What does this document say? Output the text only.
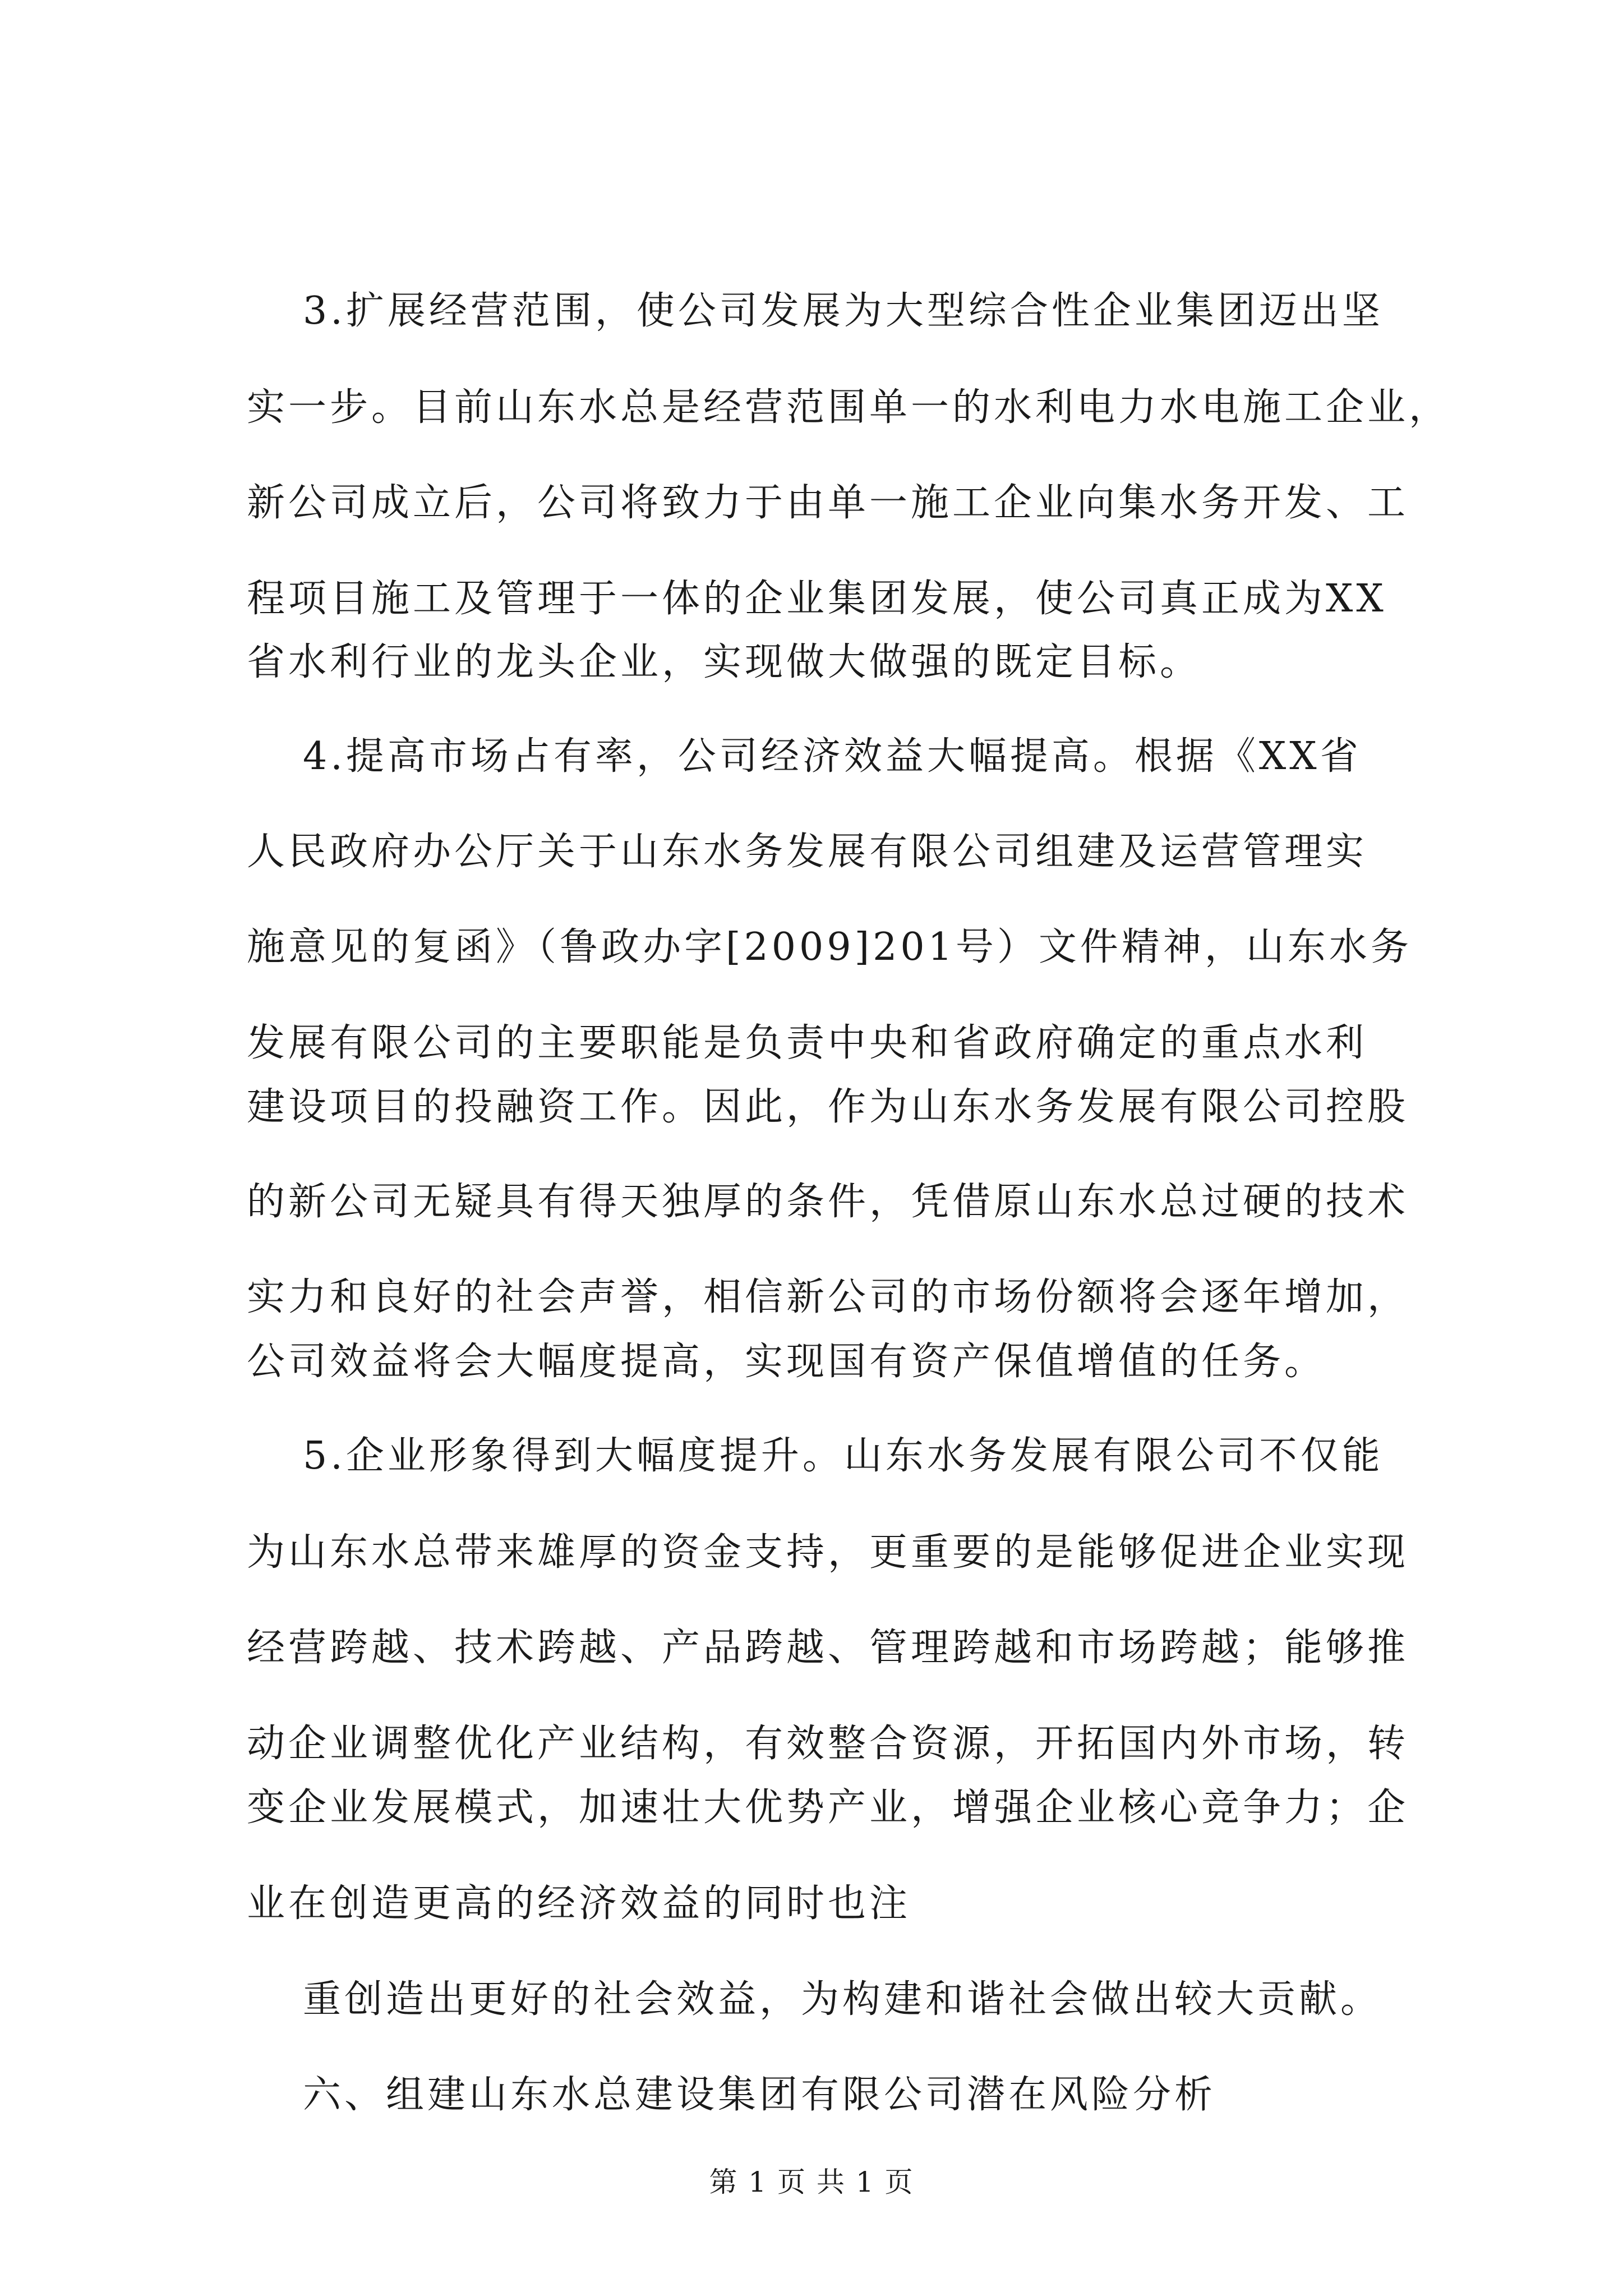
3.扩展经营范围，使公司发展为大型综合性企业集团迈出坚
实一步。目前山东水总是经营范围单一的水利电力水电施工企业，
新公司成立后，公司将致力于由单一施工企业向集水务开发、工
程项目施工及管理于一体的企业集团发展，使公司真正成为XX
省水利行业的龙头企业，实现做大做强的既定目标。
4.提高市场占有率，公司经济效益大幅提高。根据《XX省
人民政府办公厅关于山东水务发展有限公司组建及运营管理实
施意见的复函》（鲁政办字[2009]201号）文件精神，山东水务
发展有限公司的主要职能是负责中央和省政府确定的重点水利
建设项目的投融资工作。因此，作为山东水务发展有限公司控股
的新公司无疑具有得天独厚的条件，凭借原山东水总过硬的技术
实力和良好的社会声誉，相信新公司的市场份额将会逐年增加，
公司效益将会大幅度提高，实现国有资产保值增值的任务。
5.企业形象得到大幅度提升。山东水务发展有限公司不仅能
为山东水总带来雄厚的资金支持，更重要的是能够促进企业实现
经营跨越、技术跨越、产品跨越、管理跨越和市场跨越；能够推
动企业调整优化产业结构，有效整合资源，开拓国内外市场，转
变企业发展模式，加速壮大优势产业，增强企业核心竞争力；企
业在创造更高的经济效益的同时也注
重创造出更好的社会效益，为构建和谐社会做出较大贡献。
六、组建山东水总建设集团有限公司潜在风险分析
第 1 页 共 1 页
